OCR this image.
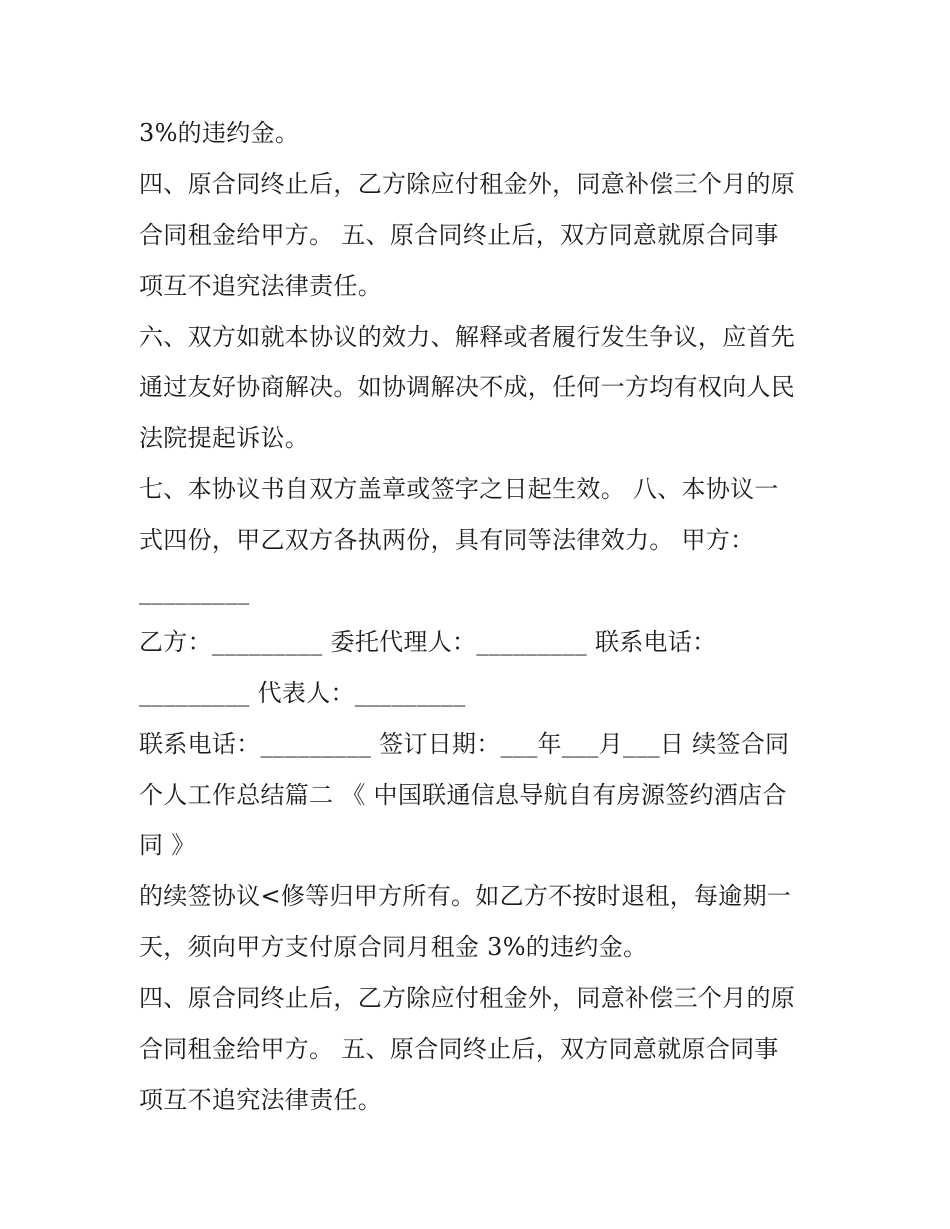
3%的违约金。
四、原合同终止后，乙方除应付租金外，同意补偿三个月的原
合同租金给甲方。 五、原合同终止后，双方同意就原合同事
项互不追究法律责任。
六、双方如就本协议的效力、解释或者履行发生争议，应首先
通过友好协商解决。如协调解决不成，任何一方均有权向人民
法院提起诉讼。
七、本协议书自双方盖章或签字之日起生效。 八、本协议一
式四份，甲乙双方各执两份，具有同等法律效力。 甲方：
_________
乙方：_________ 委托代理人：_________ 联系电话：
_________ 代表人：_________
联系电话：_________ 签订日期：___年___月___日 续签合同
个人工作总结篇二 《 中国联通信息导航自有房源签约酒店合
同 》
的续签协议<修等归甲方所有。如乙方不按时退租，每逾期一
天，须向甲方支付原合同月租金 3%的违约金。
四、原合同终止后，乙方除应付租金外，同意补偿三个月的原
合同租金给甲方。 五、原合同终止后，双方同意就原合同事
项互不追究法律责任。
